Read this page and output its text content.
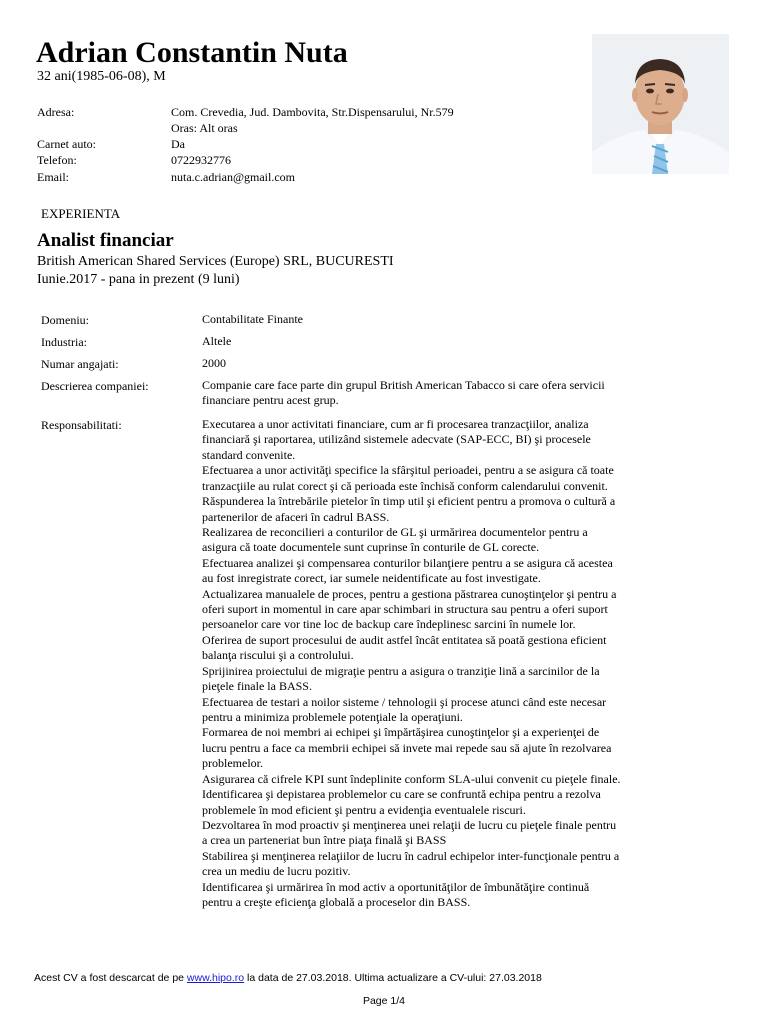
Adrian Constantin Nuta
32 ani(1985-06-08), M
Adresa:	Com. Crevedia, Jud. Dambovita, Str.Dispensarului, Nr.579
Oras: Alt oras
Carnet auto:	Da
Telefon:	0722932776
Email:	nuta.c.adrian@gmail.com
EXPERIENTA
Analist financiar
British American Shared Services (Europe) SRL, BUCURESTI
Iunie.2017 - pana in prezent (9 luni)
Domeniu:	Contabilitate Finante
Industria:	Altele
Numar angajati:	2000
Descrierea companiei:	Companie care face parte din grupul British American Tabacco si care ofera servicii financiare pentru acest grup.
Responsabilitati:	Executarea a unor activitati financiare, cum ar fi procesarea tranzacţiilor, analiza financiară şi raportarea, utilizând sistemele adecvate (SAP-ECC, BI) şi procesele standard convenite.
Efectuarea a unor activităţi specifice la sfârşitul perioadei, pentru a se asigura că toate tranzacţiile au rulat corect şi că perioada este închisă conform calendarului convenit.
Răspunderea la întrebările pietelor în timp util şi eficient pentru a promova o cultură a partenerilor de afaceri în cadrul BASS.
Realizarea de reconcilieri a conturilor de GL şi urmărirea documentelor pentru a asigura că toate documentele sunt cuprinse în conturile de GL corecte.
Efectuarea analizei şi compensarea conturilor bilanţiere pentru a se asigura că acestea au fost inregistrate corect, iar sumele neidentificate au fost investigate.
Actualizarea manualele de proces, pentru a gestiona păstrarea cunoştinţelor şi pentru a oferi suport in momentul in care apar schimbari in structura sau pentru a oferi suport persoanelor care vor tine loc de backup care îndeplinesc sarcini în numele lor.
Oferirea de suport procesului de audit astfel încât entitatea să poată gestiona eficient balanţa riscului şi a controlului.
Sprijinirea proiectului de migraţie pentru a asigura o tranziţie lină a sarcinilor de la pieţele finale la BASS.
Efectuarea de testari a noilor sisteme / tehnologii şi procese atunci când este necesar pentru a minimiza problemele potenţiale la operaţiuni.
Formarea de noi membri ai echipei şi împărtăşirea cunoştinţelor şi a experienţei de lucru pentru a face ca membrii echipei să invete mai repede sau să ajute în rezolvarea problemelor.
Asigurarea că cifrele KPI sunt îndeplinite conform SLA-ului convenit cu pieţele finale.
Identificarea şi depistarea problemelor cu care se confruntă echipa pentru a rezolva problemele în mod eficient şi pentru a evidenţia eventualele riscuri.
Dezvoltarea în mod proactiv şi menţinerea unei relaţii de lucru cu pieţele finale pentru a crea un parteneriat bun între piaţa finală şi BASS
Stabilirea şi menţinerea relaţiilor de lucru în cadrul echipelor inter-funcţionale pentru a crea un mediu de lucru pozitiv.
Identificarea şi urmărirea în mod activ a oportunităţilor de îmbunătăţire continuă pentru a creşte eficienţa globală a proceselor din BASS.
Acest CV a fost descarcat de pe www.hipo.ro la data de 27.03.2018. Ultima actualizare a CV-ului: 27.03.2018
Page 1/4
